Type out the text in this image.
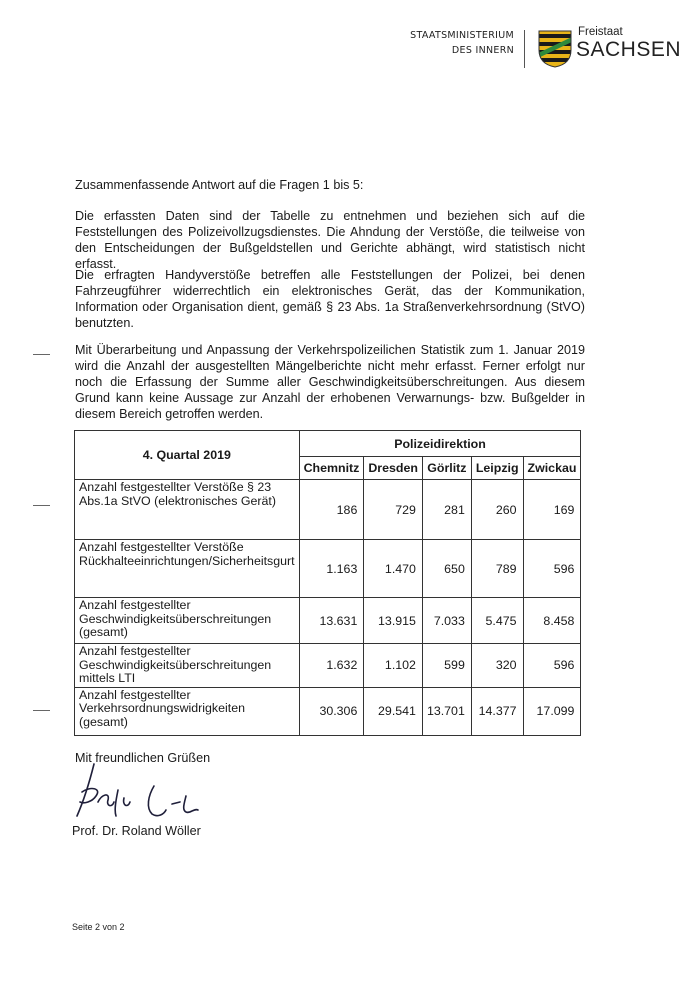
STAATSMINISTERIUM
DES INNERN
Freistaat
SACHSEN
Zusammenfassende Antwort auf die Fragen 1 bis 5:
Die erfassten Daten sind der Tabelle zu entnehmen und beziehen sich auf die Feststellungen des Polizeivollzugsdienstes. Die Ahndung der Verstöße, die teilweise von den Entscheidungen der Bußgeldstellen und Gerichte abhängt, wird statistisch nicht erfasst.
Die erfragten Handyverstöße betreffen alle Feststellungen der Polizei, bei denen Fahrzeugführer widerrechtlich ein elektronisches Gerät, das der Kommunikation, Information oder Organisation dient, gemäß § 23 Abs. 1a Straßenverkehrsordnung (StVO) benutzten.
Mit Überarbeitung und Anpassung der Verkehrspolizeilichen Statistik zum 1. Januar 2019 wird die Anzahl der ausgestellten Mängelberichte nicht mehr erfasst. Ferner erfolgt nur noch die Erfassung der Summe aller Geschwindigkeitsüberschreitungen. Aus diesem Grund kann keine Aussage zur Anzahl der erhobenen Verwarnungs- bzw. Bußgelder in diesem Bereich getroffen werden.
4. Quartal 2019	Polizeidirektion				
	Chemnitz	Dresden	Görlitz	Leipzig	Zwickau
Anzahl festgestellter Verstöße § 23 Abs.1a StVO (elektronisches Gerät)	186	729	281	260	169
Anzahl festgestellter Verstöße Rückhalteeinrichtungen/Sicherheitsgurt	1.163	1.470	650	789	596
Anzahl festgestellter Geschwindigkeitsüberschreitungen (gesamt)	13.631	13.915	7.033	5.475	8.458
Anzahl festgestellter Geschwindigkeitsüberschreitungen mittels LTI	1.632	1.102	599	320	596
Anzahl festgestellter Verkehrsordnungswidrigkeiten (gesamt)	30.306	29.541	13.701	14.377	17.099
Mit freundlichen Grüßen
Prof. Dr. Roland Wöller
Seite 2 von 2
